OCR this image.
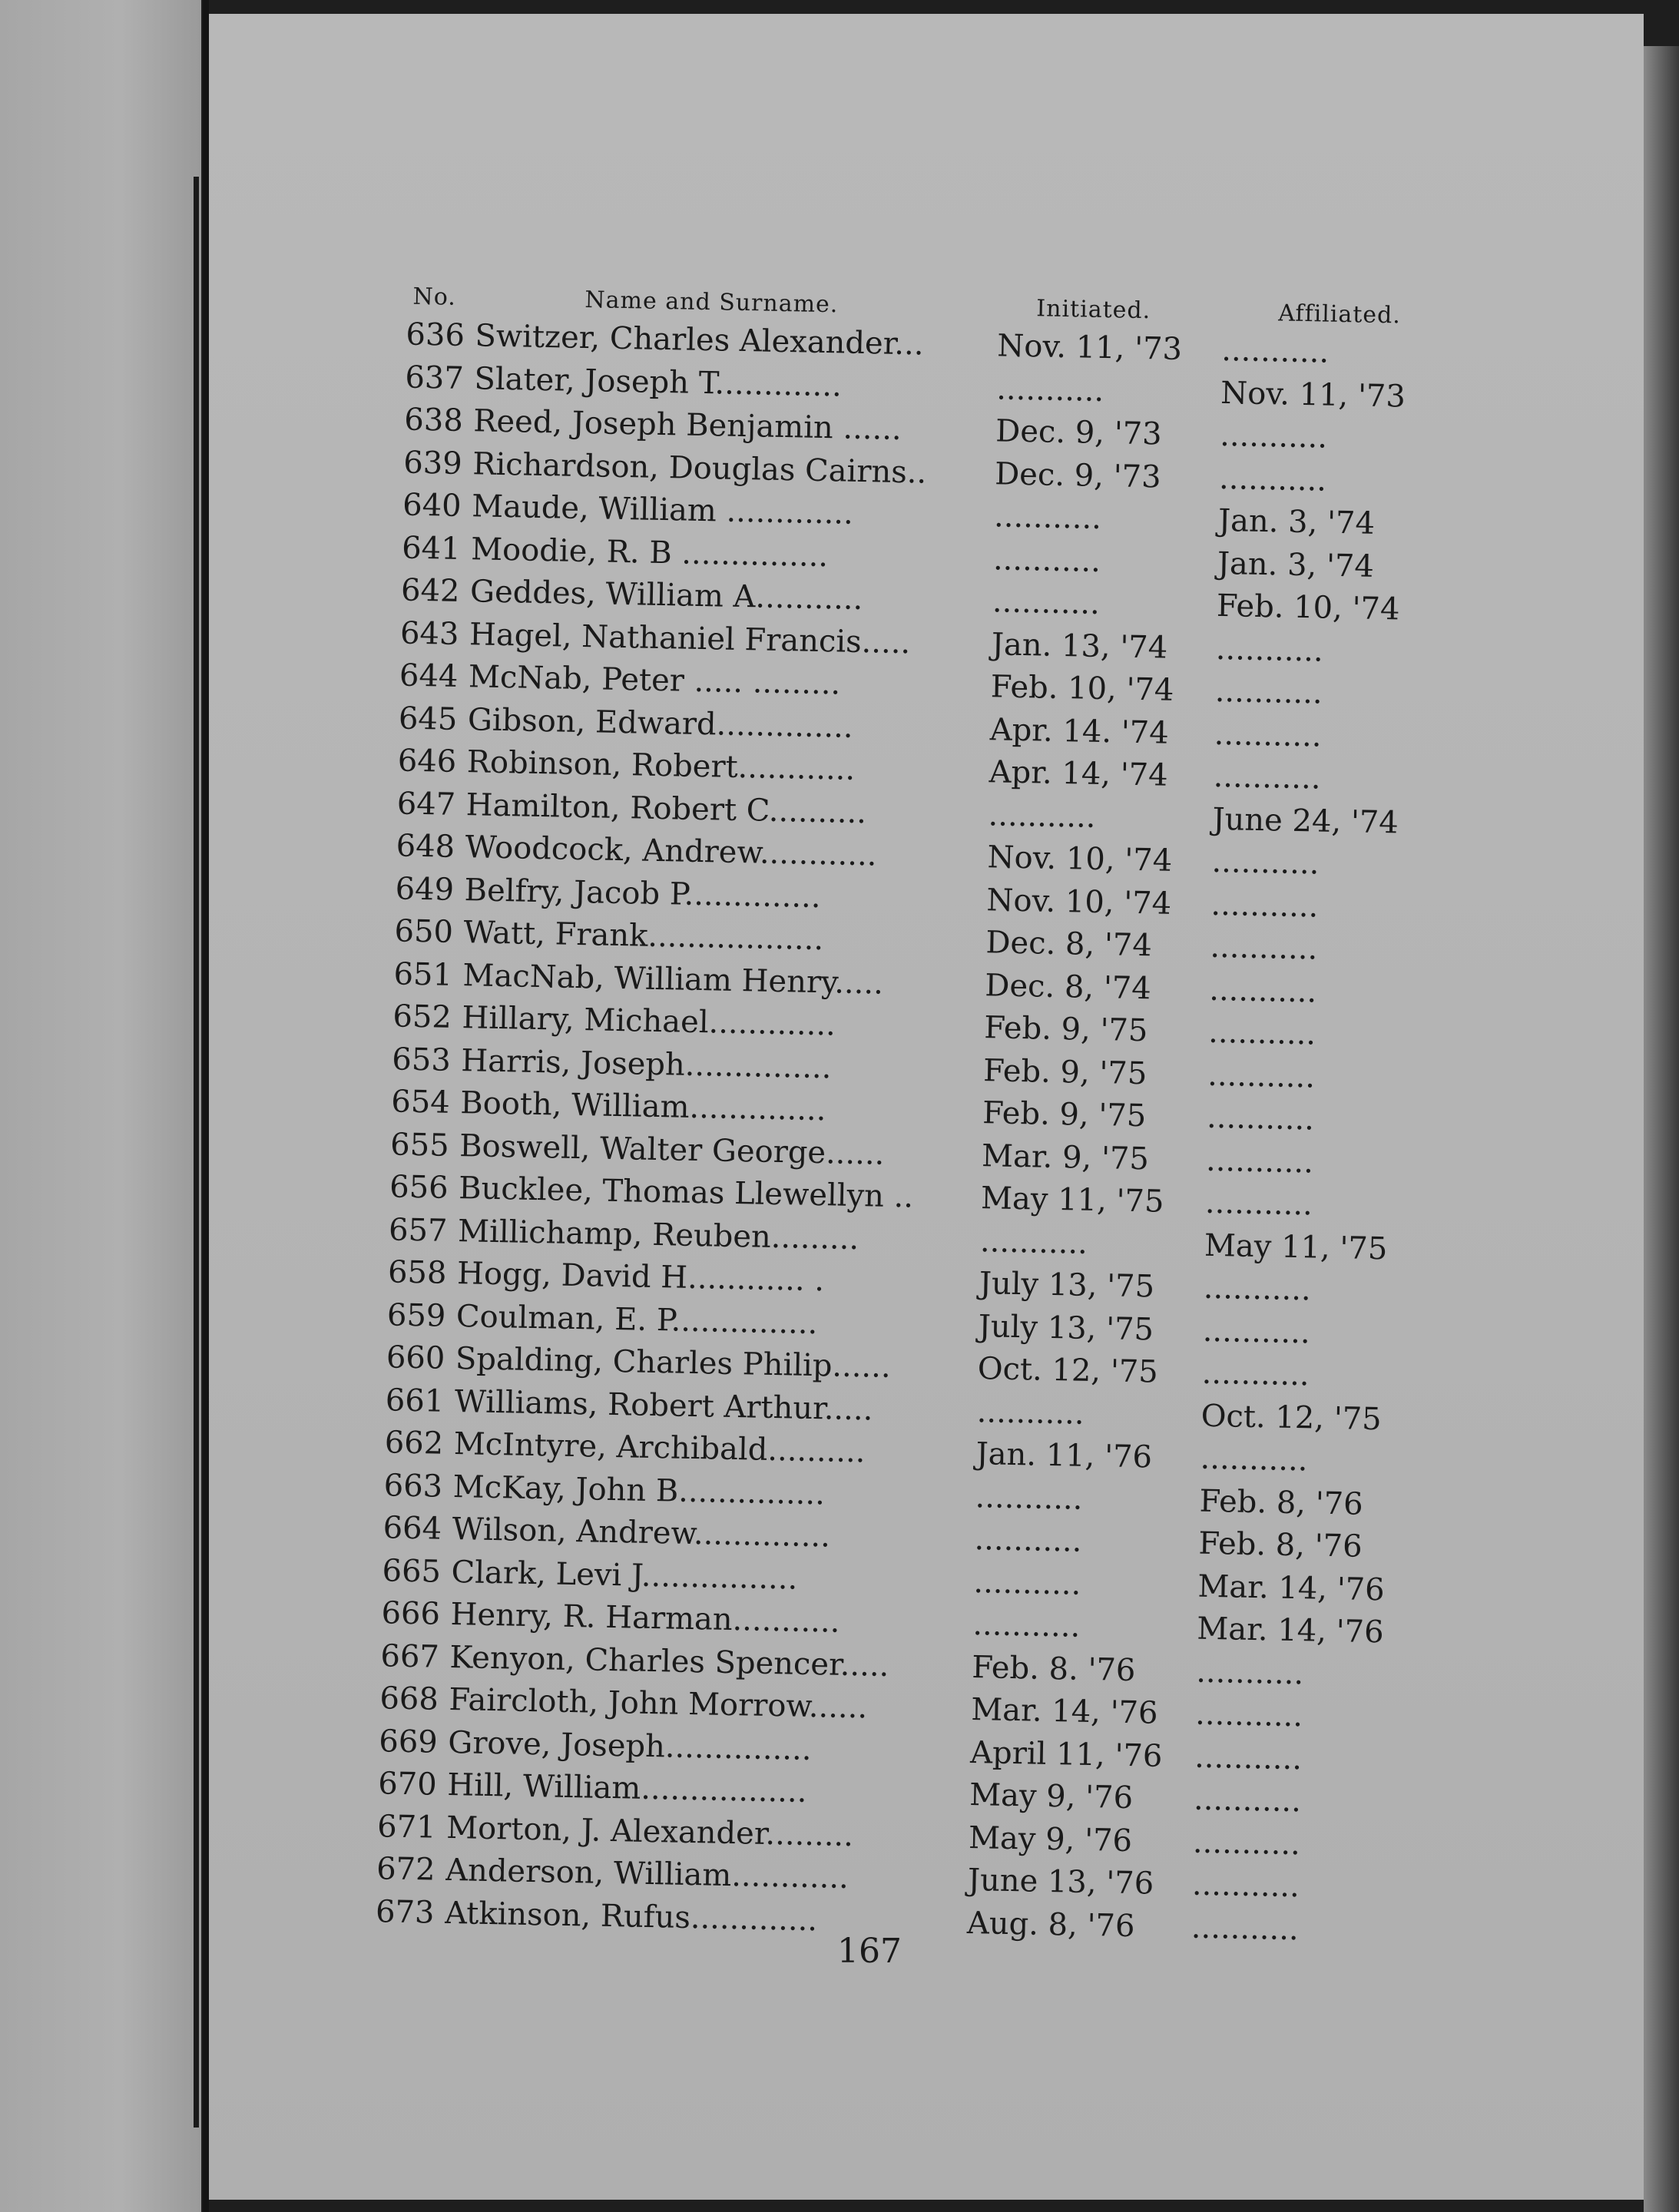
No.	Name and Surname.	Initiated.	Affiliated.
636 Switzer, Charles Alexander...	Nov. 11, '73	...........
637 Slater, Joseph T.............	...........	Nov. 11, '73
638 Reed, Joseph Benjamin ......	Dec. 9, '73	...........
639 Richardson, Douglas Cairns..	Dec. 9, '73	...........
640 Maude, William .............	...........	Jan. 3, '74
641 Moodie, R. B ...............	...........	Jan. 3, '74
642 Geddes, William A...........	...........	Feb. 10, '74
643 Hagel, Nathaniel Francis.....	Jan. 13, '74	...........
644 McNab, Peter ..... .........	Feb. 10, '74	...........
645 Gibson, Edward..............	Apr. 14. '74	...........
646 Robinson, Robert............	Apr. 14, '74	...........
647 Hamilton, Robert C..........	...........	June 24, '74
648 Woodcock, Andrew............	Nov. 10, '74	...........
649 Belfry, Jacob P..............	Nov. 10, '74	...........
650 Watt, Frank..................	Dec. 8, '74	...........
651 MacNab, William Henry.....	Dec. 8, '74	...........
652 Hillary, Michael.............	Feb. 9, '75	...........
653 Harris, Joseph...............	Feb. 9, '75	...........
654 Booth, William..............	Feb. 9, '75	...........
655 Boswell, Walter George......	Mar. 9, '75	...........
656 Bucklee, Thomas Llewellyn ..	May 11, '75	...........
657 Millichamp, Reuben.........	...........	May 11, '75
658 Hogg, David H............ .	July 13, '75	...........
659 Coulman, E. P...............	July 13, '75	...........
660 Spalding, Charles Philip......	Oct. 12, '75	...........
661 Williams, Robert Arthur.....	...........	Oct. 12, '75
662 McIntyre, Archibald..........	Jan. 11, '76	...........
663 McKay, John B...............	...........	Feb. 8, '76
664 Wilson, Andrew..............	...........	Feb. 8, '76
665 Clark, Levi J................	...........	Mar. 14, '76
666 Henry, R. Harman...........	...........	Mar. 14, '76
667 Kenyon, Charles Spencer.....	Feb. 8. '76	...........
668 Faircloth, John Morrow......	Mar. 14, '76	...........
669 Grove, Joseph...............	April 11, '76	...........
670 Hill, William.................	May 9, '76	...........
671 Morton, J. Alexander.........	May 9, '76	...........
672 Anderson, William............	June 13, '76	...........
673 Atkinson, Rufus.............	Aug. 8, '76	...........
167
